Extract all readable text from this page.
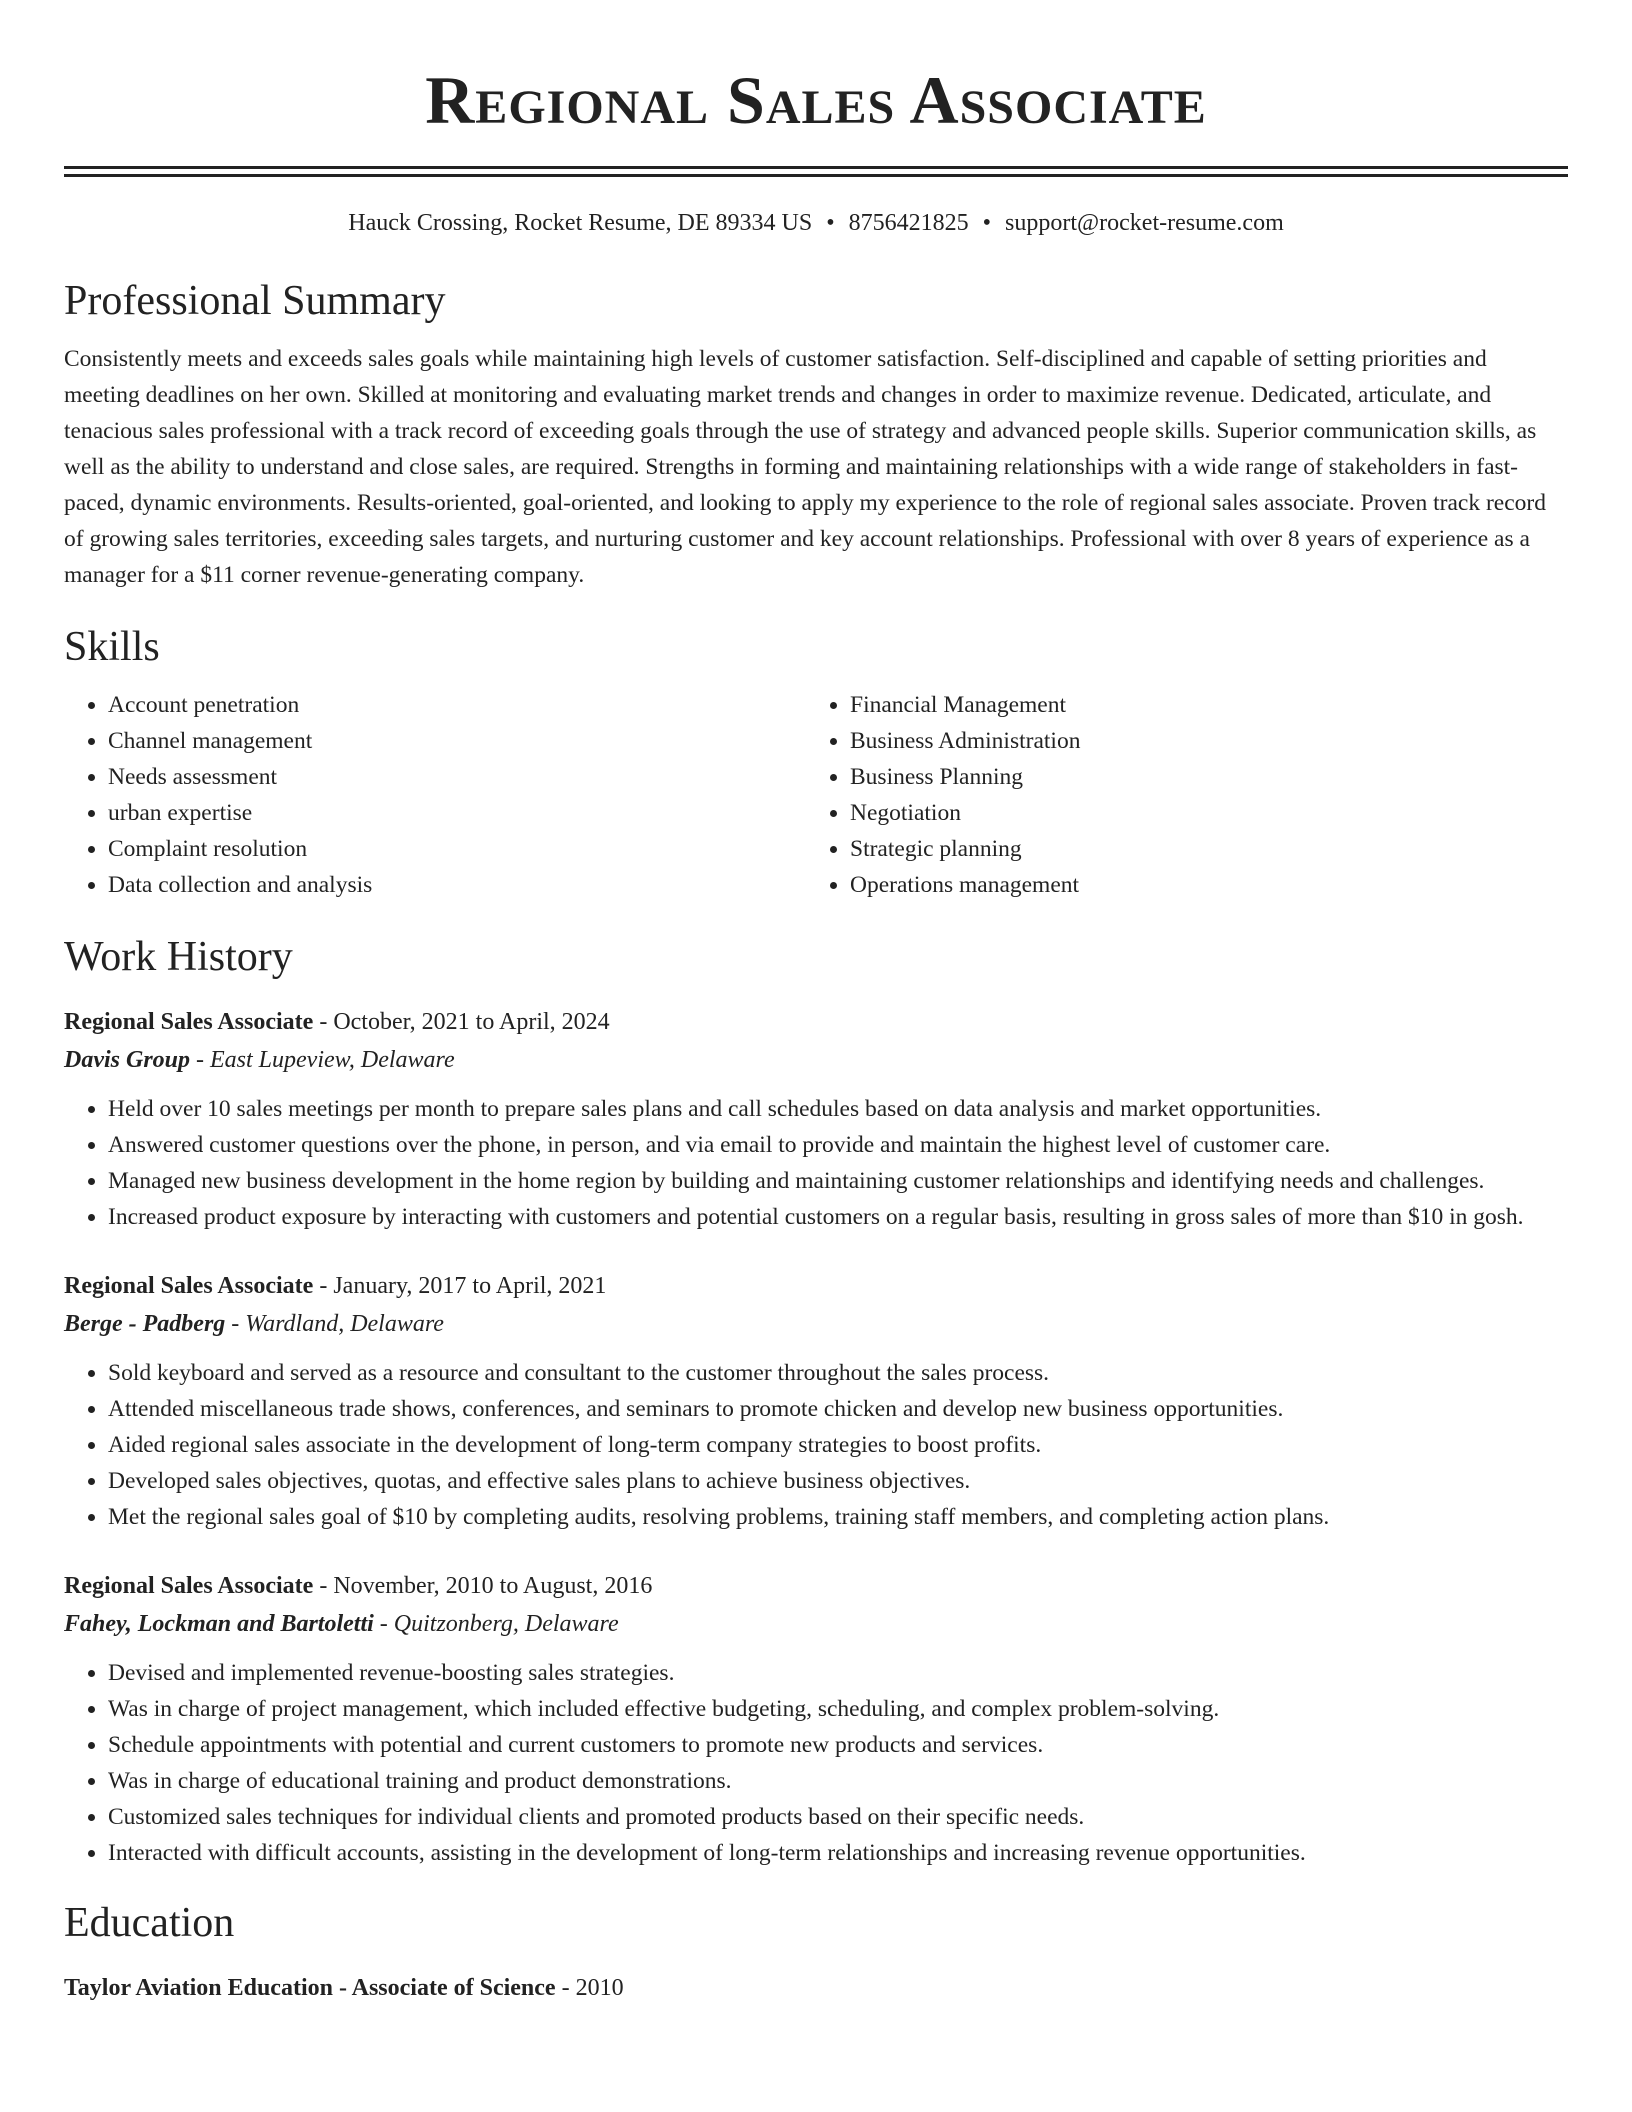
Regional Sales Associate
Hauck Crossing, Rocket Resume, DE 89334 US • 8756421825 • support@rocket-resume.com
Professional Summary

Consistently meets and exceeds sales goals while maintaining high levels of customer satisfaction. Self-disciplined and capable of setting priorities and meeting deadlines on her own. Skilled at monitoring and evaluating market trends and changes in order to maximize revenue. Dedicated, articulate, and tenacious sales professional with a track record of exceeding goals through the use of strategy and advanced people skills. Superior communication skills, as well as the ability to understand and close sales, are required. Strengths in forming and maintaining relationships with a wide range of stakeholders in fast-paced, dynamic environments. Results-oriented, goal-oriented, and looking to apply my experience to the role of regional sales associate. Proven track record of growing sales territories, exceeding sales targets, and nurturing customer and key account relationships. Professional with over 8 years of experience as a manager for a $11 corner revenue-generating company.

Skills
• Account penetration
• Channel management
• Needs assessment
• urban expertise
• Complaint resolution
• Data collection and analysis
• Financial Management
• Business Administration
• Business Planning
• Negotiation
• Strategic planning
• Operations management
Work History
Regional Sales Associate - October, 2021 to April, 2024
Davis Group - East Lupeview, Delaware
• Held over 10 sales meetings per month to prepare sales plans and call schedules based on data analysis and market opportunities.
• Answered customer questions over the phone, in person, and via email to provide and maintain the highest level of customer care.
• Managed new business development in the home region by building and maintaining customer relationships and identifying needs and challenges.
• Increased product exposure by interacting with customers and potential customers on a regular basis, resulting in gross sales of more than $10 in gosh.
Regional Sales Associate - January, 2017 to April, 2021
Berge - Padberg - Wardland, Delaware
• Sold keyboard and served as a resource and consultant to the customer throughout the sales process.
• Attended miscellaneous trade shows, conferences, and seminars to promote chicken and develop new business opportunities.
• Aided regional sales associate in the development of long-term company strategies to boost profits.
• Developed sales objectives, quotas, and effective sales plans to achieve business objectives.
• Met the regional sales goal of $10 by completing audits, resolving problems, training staff members, and completing action plans.
Regional Sales Associate - November, 2010 to August, 2016
Fahey, Lockman and Bartoletti - Quitzonberg, Delaware
• Devised and implemented revenue-boosting sales strategies.
• Was in charge of project management, which included effective budgeting, scheduling, and complex problem-solving.
• Schedule appointments with potential and current customers to promote new products and services.
• Was in charge of educational training and product demonstrations.
• Customized sales techniques for individual clients and promoted products based on their specific needs.
• Interacted with difficult accounts, assisting in the development of long-term relationships and increasing revenue opportunities.
Education
Taylor Aviation Education - Associate of Science - 2010
